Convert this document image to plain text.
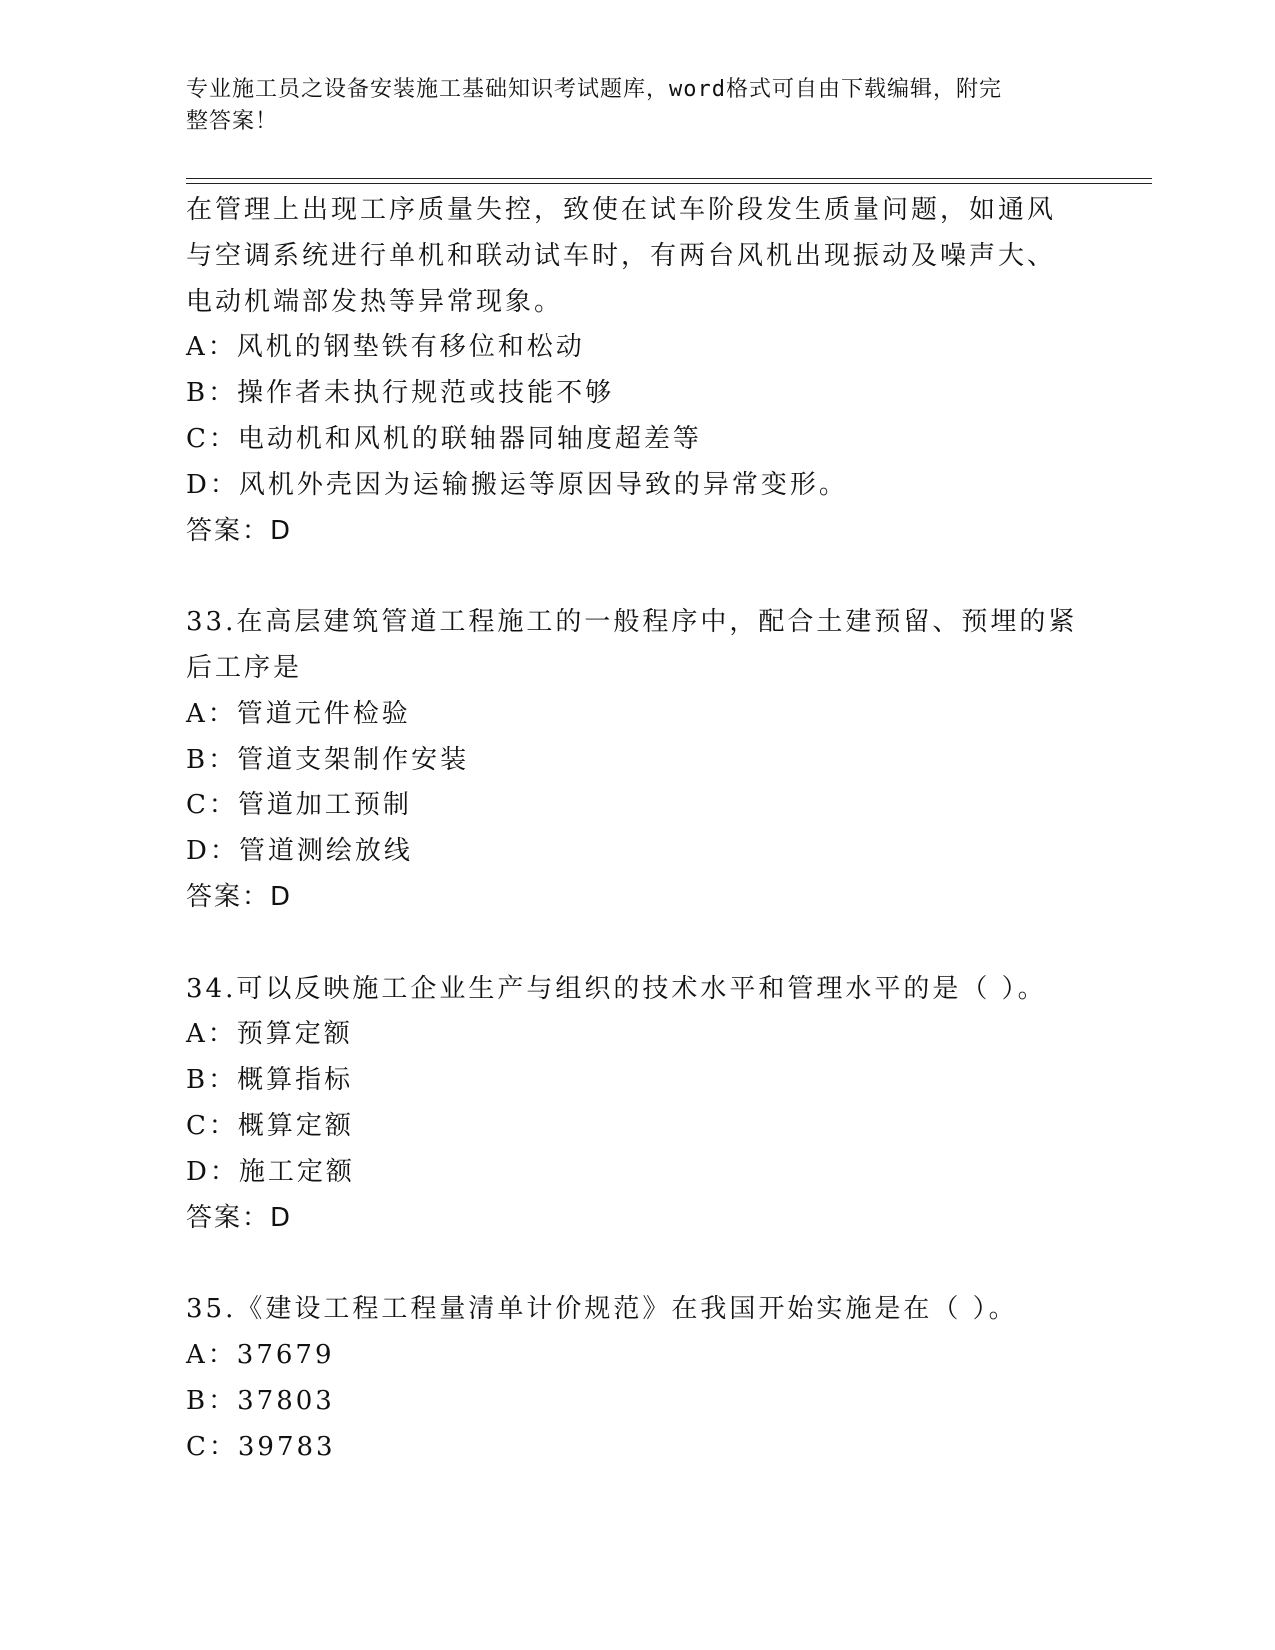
专业施工员之设备安装施工基础知识考试题库，word格式可自由下载编辑，附完
整答案！
在管理上出现工序质量失控，致使在试车阶段发生质量问题，如通风
与空调系统进行单机和联动试车时，有两台风机出现振动及噪声大、
电动机端部发热等异常现象。
A：风机的钢垫铁有移位和松动
B：操作者未执行规范或技能不够
C：电动机和风机的联轴器同轴度超差等
D：风机外壳因为运输搬运等原因导致的异常变形。
答案：D
33.在高层建筑管道工程施工的一般程序中，配合土建预留、预埋的紧
后工序是
A：管道元件检验
B：管道支架制作安装
C：管道加工预制
D：管道测绘放线
答案：D
34.可以反映施工企业生产与组织的技术水平和管理水平的是（ ）。
A：预算定额
B：概算指标
C：概算定额
D：施工定额
答案：D
35.《建设工程工程量清单计价规范》在我国开始实施是在（ ）。
A：37679
B：37803
C：39783
